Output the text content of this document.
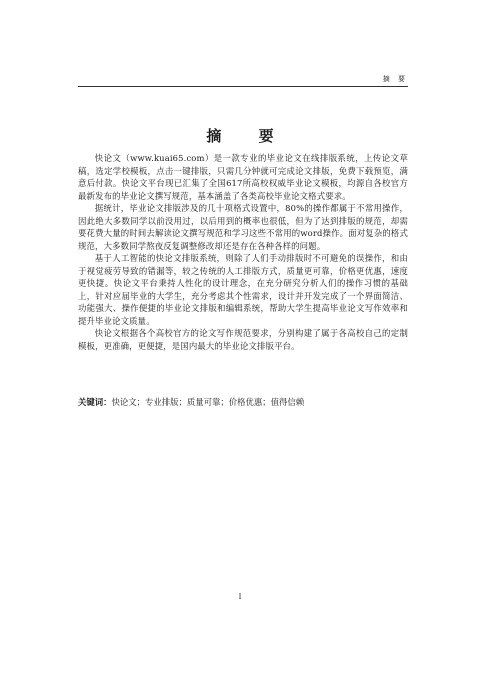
摘 要
摘 要

快论文（www.kuai65.com）是一款专业的毕业论文在线排版系统，上传论文草稿，选定学校模板，点击一键排版，只需几分钟就可完成论文排版，免费下载预览，满意后付款。快论文平台现已汇集了全国617所高校权威毕业论文模板，均源自各校官方最新发布的毕业论文撰写规范，基本涵盖了各类高校毕业论文格式要求。

据统计，毕业论文排版涉及的几十项格式设置中，80%的操作都属于不常用操作，因此绝大多数同学以前没用过，以后用到的概率也很低，但为了达到排版的规范，却需要花费大量的时间去解读论文撰写规范和学习这些不常用的word操作。面对复杂的格式规范，大多数同学熬夜反复调整修改却还是存在各种各样的问题。

基于人工智能的快论文排版系统，则除了人们手动排版时不可避免的误操作，和由于视觉疲劳导致的错漏等，较之传统的人工排版方式，质量更可靠，价格更优惠，速度更快捷。快论文平台秉持人性化的设计理念，在充分研究分析人们的操作习惯的基础上，针对应届毕业的大学生，充分考虑其个性需求，设计并开发完成了一个界面简洁、功能强大、操作便捷的毕业论文排版和编辑系统，帮助大学生提高毕业论文写作效率和提升毕业论文质量。

快论文根据各个高校官方的论文写作规范要求，分别构建了属于各高校自己的定制模板，更准确，更便捷，是国内最大的毕业论文排版平台。

关键词：快论文；专业排版；质量可靠；价格优惠；值得信赖
I
